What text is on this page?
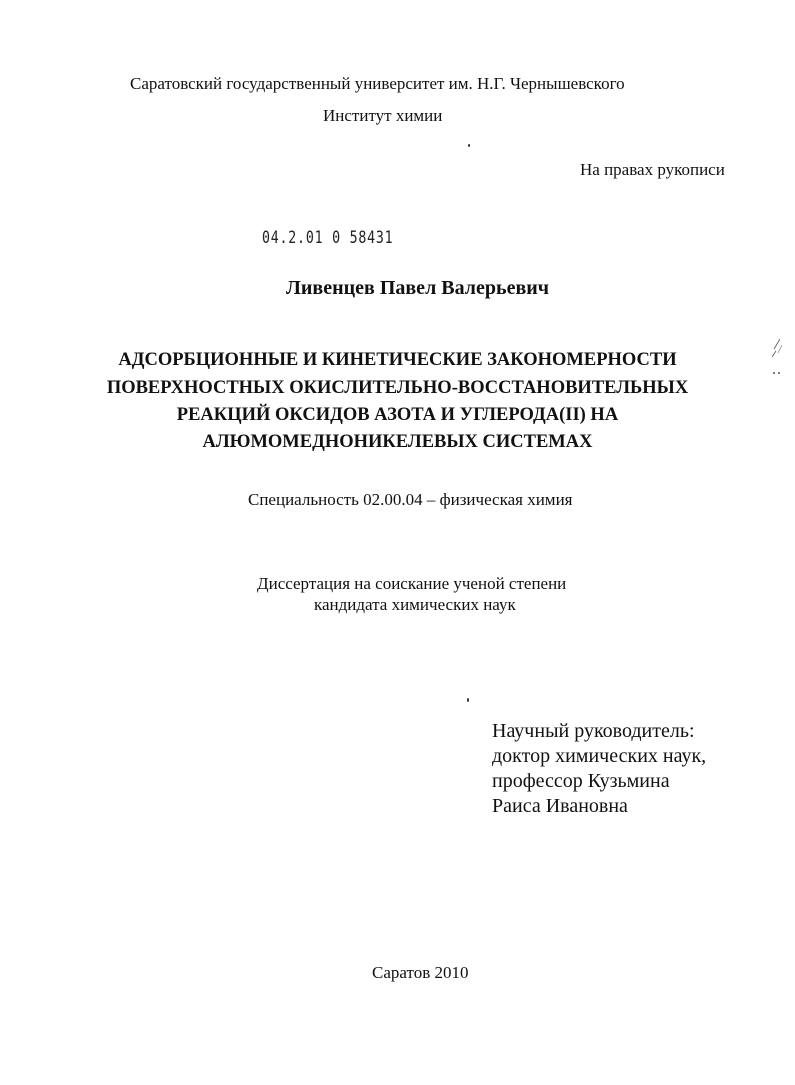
Саратовский государственный университет им. Н.Г. Чернышевского
Институт химии
На правах рукописи
04.2.01 0 58431
Ливенцев Павел Валерьевич
АДСОРБЦИОННЫЕ И КИНЕТИЧЕСКИЕ ЗАКОНОМЕРНОСТИ
ПОВЕРХНОСТНЫХ ОКИСЛИТЕЛЬНО-ВОССТАНОВИТЕЛЬНЫХ
РЕАКЦИЙ ОКСИДОВ АЗОТА И УГЛЕРОДА(II) НА
АЛЮМОМЕДНОНИКЕЛЕВЫХ СИСТЕМАХ
Специальность 02.00.04 – физическая химия
Диссертация на соискание ученой степени
кандидата химических наук
Научный руководитель:
доктор химических наук,
профессор Кузьмина
Раиса Ивановна
Саратов 2010
